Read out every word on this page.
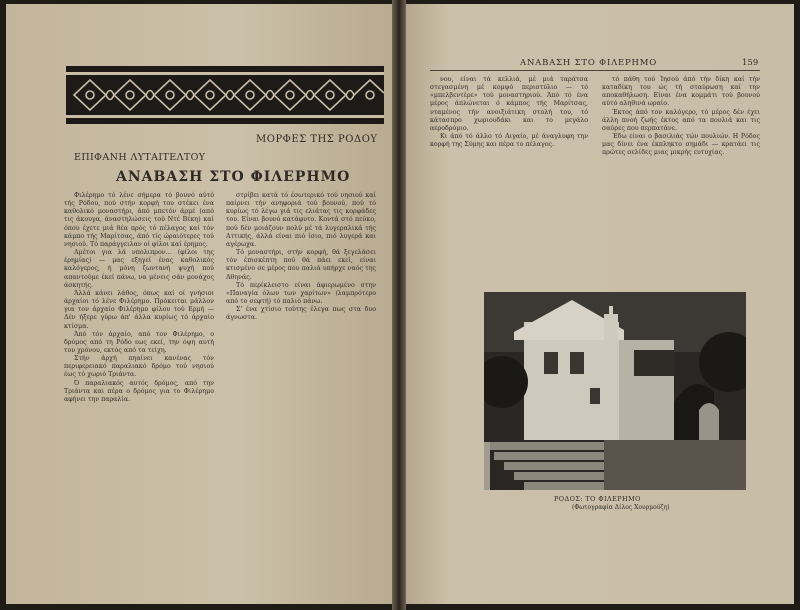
ΜΟΡΦΕΣ ΤΗΣ ΡΟΔΟΥ
ΕΠΙΦΑΝΗ ΛΥΤΑΙΤΕΛΤΟΥ
ΑΝΑΒΑΣΗ ΣΤΟ ΦΙΛΕΡΗΜΟ

Φιλέρημο τό λένε σήμερα τό βουνό αύτό τής Ρόδου, πού στήν κορφή του στέκει ένα καθολικό μοναστήρι, άπό μπετόν άρμέ (από τις άκουγα, άναστηλώσεις τού Ντέ Βέκη) καί όπου έχετε μιά θέα πρός τό πέλαγος καί τόν κάμπο τής Μαρίτσας, άπό τίς ώραιότερες τού νησιού. Τό παράγγειλαν οί φίλοι καί έρημος.

Αμέτοι για λά νπολιπρον… (φίλοι της έρημίας) — μας εξηγεί ένας καθολικός καλόγερος, ή μόνη ζωντανή ψυχή πού απαντούμε έκεί πάνω, να μένεις σάν μονάχος άσκητής.

Άλλά κάνει λάθος, όπως καί οί γνήσιοι άρχαίοι τό λένε Φιλέρημο. Πρόκειται μάλλον για τον άρχαίο Φιλέρημο φίλου τού Ερμή — Δέν ήξερε γύρω άπ' άλλα κυρίως τό άρχαίο κτίσμα.

Άπό τόν άρχαίο, από τον Φιλέρημο, ο δρόμος από τη Ρόδο εως εκεί, την όψη αυτή του χρόνου, εκτός από τα τείχη.

Στήν άρχή πηαίνει κανένας τόν περιφερειακό παραλιακό δρόμο τού νησιού έως τό χωριό Τριάντα.

Ό παραλιακός αυτός δρόμος, από την Τριάντα και πέρα ο δρόμος για το Φιλέρημο αφήνει την παραλία.

στρίβει κατά τό έσωτερικό τού νησιού καί παίρνει τήν ανηφοριά τού βουνού, πού τό κυρίως τό λέγω γιά τις ελιάτας τις κορφάδες του. Είναι βουνό κατάφυτο. Κοντά στό πεύκο, πού δέν μοιάζουν πολύ μέ τά λυγεραλικά τής Αττικής, άλλά είναι πιό ίσιο, πιό λυγερά και αγέρωχα.

Τό μοναστήρι, στήν κορφή, θά ξεγελάσει τόν έπισκέπτη πού θά πάει εκεί, είναι κτισμένο σε μέρος που παλιά υπήρχε ναός της Αθηνάς.

Τό περίκλειστο είναι άφιερωμένο στην «Παναγία όλων των χαρίτων» (λαμπρότερο από το σεφτή) τό παλιό πάνω.

Σ' ένα χτίσιο τούτης έλεγα πως στα δυο άγνωστα.

ΑΝΑΒΑΣΗ ΣΤΟ ΦΙΛΕΡΗΜΟ	159

νου, είναι τά κελλιά, μέ μιά ταράτσα στεγασμένη μέ κομψό περιστύλιο — τό «μπελβεντέρε» τού μοναστηριού. Άπό τό ένα μέρος άπλώνεται ό κάμπος τής Μαρίτσας, νταμένος τήν ανοιξιάτικη στολή του, τό κάτασπρο χωριουδάκι και το μεγάλο αεροδρόμιο.

Κι άπό τό άλλο τό Αιγαίο, μέ άναγλυφη την κορφή της Σύμης και πέρα το πέλαγος.

τό πάθη τού Ίησού άπό τήν δίκη καί τήν καταδίκη του ώς τή σταύρωση καί την αποκαθήλωση. Είναι ένα κομμάτι τού βουνού αύτό αληθινά ωραίο.

Έκτος άπό τον καλόγερο, τό μέρος δέν έχει άλλη πνοή ζωής έκτος από τα πουλιά και τις σαύρες που περπατάνε.

Έδω είναι ο βασιλιάς τών πουλιών. Η Ρόδος μας δίνει ένα έκπληκτο σημάδι — κρατάει τις πρώτες σελίδες μιας μικρής ευτυχίας.

ΡΟΔΟΣ: ΤΟ ΦΙΛΕΡΗΜΟ
(Φωτογραφία Δίλος Χουρμούζη)
